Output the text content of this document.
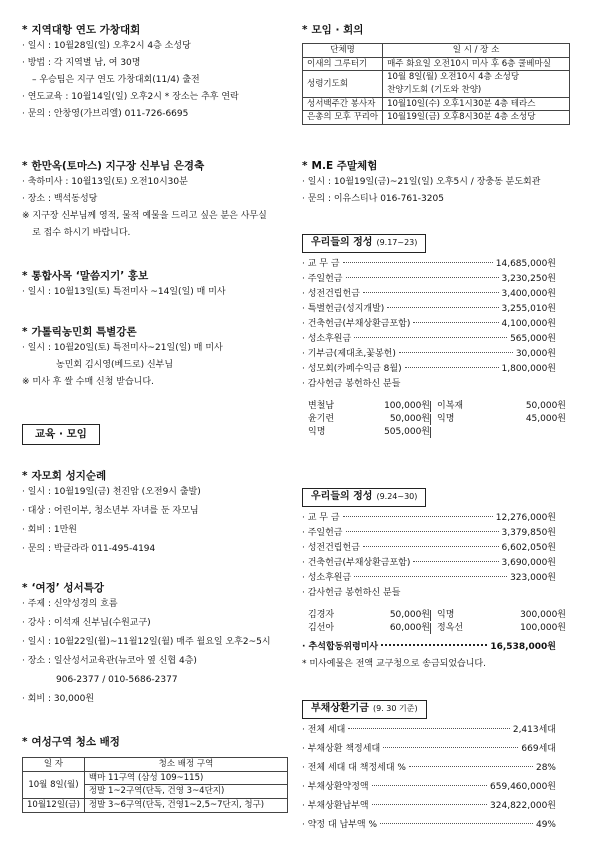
* 지역대항 연도 가창대회
· 일시 : 10월28일(일) 오후2시 4층 소성당
· 방법 : 각 지역별 남, 여 30명
– 우승팀은 지구 연도 가창대회(11/4) 출전
· 연도교육 : 10월14일(일) 오후2시 * 장소는 추후 연락
· 문의 : 안창영(가브리엘) 011-726-6695
* 한만옥(토마스) 지구장 신부님 은경축
· 축하미사 : 10월13일(토) 오전10시30분
· 장소 : 백석동성당
※ 지구장 신부님께 영적, 물적 예물을 드리고 싶은 분은 사무실
로 접수 하시기 바랍니다.
* 통합사목 ‘말씀지기’ 홍보
· 일시 : 10월13일(토) 특전미사 ~14일(일) 매 미사
* 가톨릭농민회 특별강론
· 일시 : 10월20일(토) 특전미사~21일(일) 매 미사
농민회 김시영(베드로) 신부님
※ 미사 후 쌀 수매 신청 받습니다.
교육 · 모임
* 자모회 성지순례
· 일시 : 10월19일(금) 천진암 (오전9시 출발)
· 대상 : 어린이부, 청소년부 자녀를 둔 자모님
· 회비 : 1만원
· 문의 : 박글라라 011-495-4194
* ‘여정’ 성서특강
· 주제 : 신약성경의 흐름
· 강사 : 이석재 신부님(수원교구)
· 일시 : 10월22일(월)~11월12일(월) 매주 월요일 오후2~5시
· 장소 : 일산성서교육관(뉴코아 옆 신협 4층)
906-2377 / 010-5686-2377
· 회비 : 30,000원
* 여성구역 청소 배정
일 자	청소 배정 구역
10월 8일(월)	백마 11구역 (삼성 109~115)
	정발 1~2구역(단독, 건영 3~4단지)
10월12일(금)	정발 3~6구역(단독, 건영1~2,5~7단지, 청구)
* 모임 · 회의
단체명	일 시 / 장 소
이새의 그루터기	매주 화요일 오전10시 미사 후 6층 쿨베마실
성령기도회	10월 8일(월) 오전10시 4층 소성당
	찬양기도회 (기도와 찬양)
성서백주간 봉사자	10월10일(수) 오후1시30분 4층 테라스
은총의 모후 꾸리아	10월19일(금) 오후8시30분 4층 소성당
* M.E 주말체험
· 일시 : 10월19일(금)~21일(일) 오후5시 / 장충동 분도회관
· 문의 : 이유스티나 016-761-3205
우리들의 정성 (9.17~23)
· 교 무 금	14,685,000원
· 주일헌금	3,230,250원
· 성전건립헌금	3,400,000원
· 특별헌금(성지개발)	3,255,010원
· 건축헌금(부채상환금포함)	4,100,000원
· 성소후원금	565,000원
· 기부금(제대초,꽃봉헌)	30,000원
· 성모회(카페수익금 8월)	1,800,000원
· 감사헌금 봉헌하신 분들
변철남	100,000원 이복재	50,000원
윤기련	50,000원 익명	45,000원
익명	505,000원
우리들의 정성 (9.24~30)
· 교 무 금	12,276,000원
· 주일헌금	3,379,850원
· 성전건립헌금	6,602,050원
· 건축헌금(부채상환금포함)	3,690,000원
· 성소후원금	323,000원
· 감사헌금 봉헌하신 분들
김경자	50,000원 익명	300,000원
김선아	60,000원 정옥선	100,000원
· 추석합동위령미사	16,538,000원
* 미사예물은 전액 교구청으로 송금되었습니다.
부채상환기금 (9. 30 기준)
· 전체 세대	2,413세대
· 부채상환 책정세대	669세대
· 전체 세대 대 책정세대 %	28%
· 부채상환약정액	659,460,000원
· 부채상환납부액	324,822,000원
· 약정 대 납부액 %	49%
